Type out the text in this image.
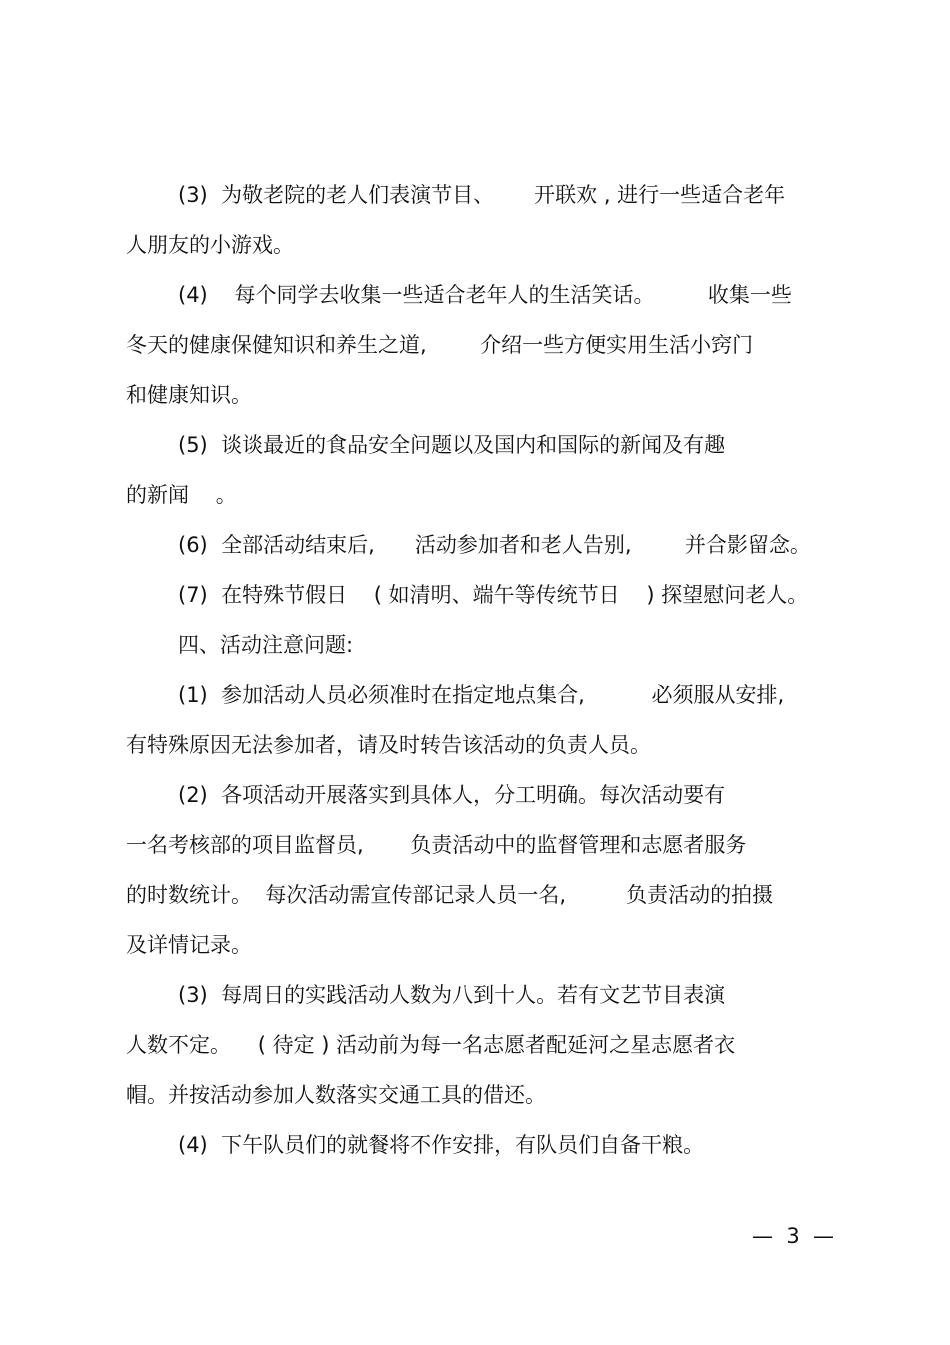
(3)  为敬老院的老人们表演节目、      开联欢 , 进行一些适合老年
人朋友的小游戏。
(4)    每个同学去收集一些适合老年人的生活笑话。        收集一些
冬天的健康保健知识和养生之道,        介绍一些方便实用生活小窍门
和健康知识。
(5)  谈谈最近的食品安全问题以及国内和国际的新闻及有趣
的新闻    。
(6)  全部活动结束后,      活动参加者和老人告别,        并合影留念。
(7)  在特殊节假日    ( 如清明、端午等传统节日    ) 探望慰问老人。
四、活动注意问题:
(1)  参加活动人员必须准时在指定地点集合,          必须服从安排,
有特殊原因无法参加者，请及时转告该活动的负责人员。
(2)  各项活动开展落实到具体人，分工明确。每次活动要有
一名考核部的项目监督员,       负责活动中的监督管理和志愿者服务
的时数统计。  每次活动需宣传部记录人员一名,         负责活动的拍摄
及详情记录。
(3)  每周日的实践活动人数为八到十人。若有文艺节目表演
人数不定。    ( 待定 ) 活动前为每一名志愿者配延河之星志愿者衣
帽。并按活动参加人数落实交通工具的借还。
(4)  下午队员们的就餐将不作安排，有队员们自备干粮。
—  3  —
